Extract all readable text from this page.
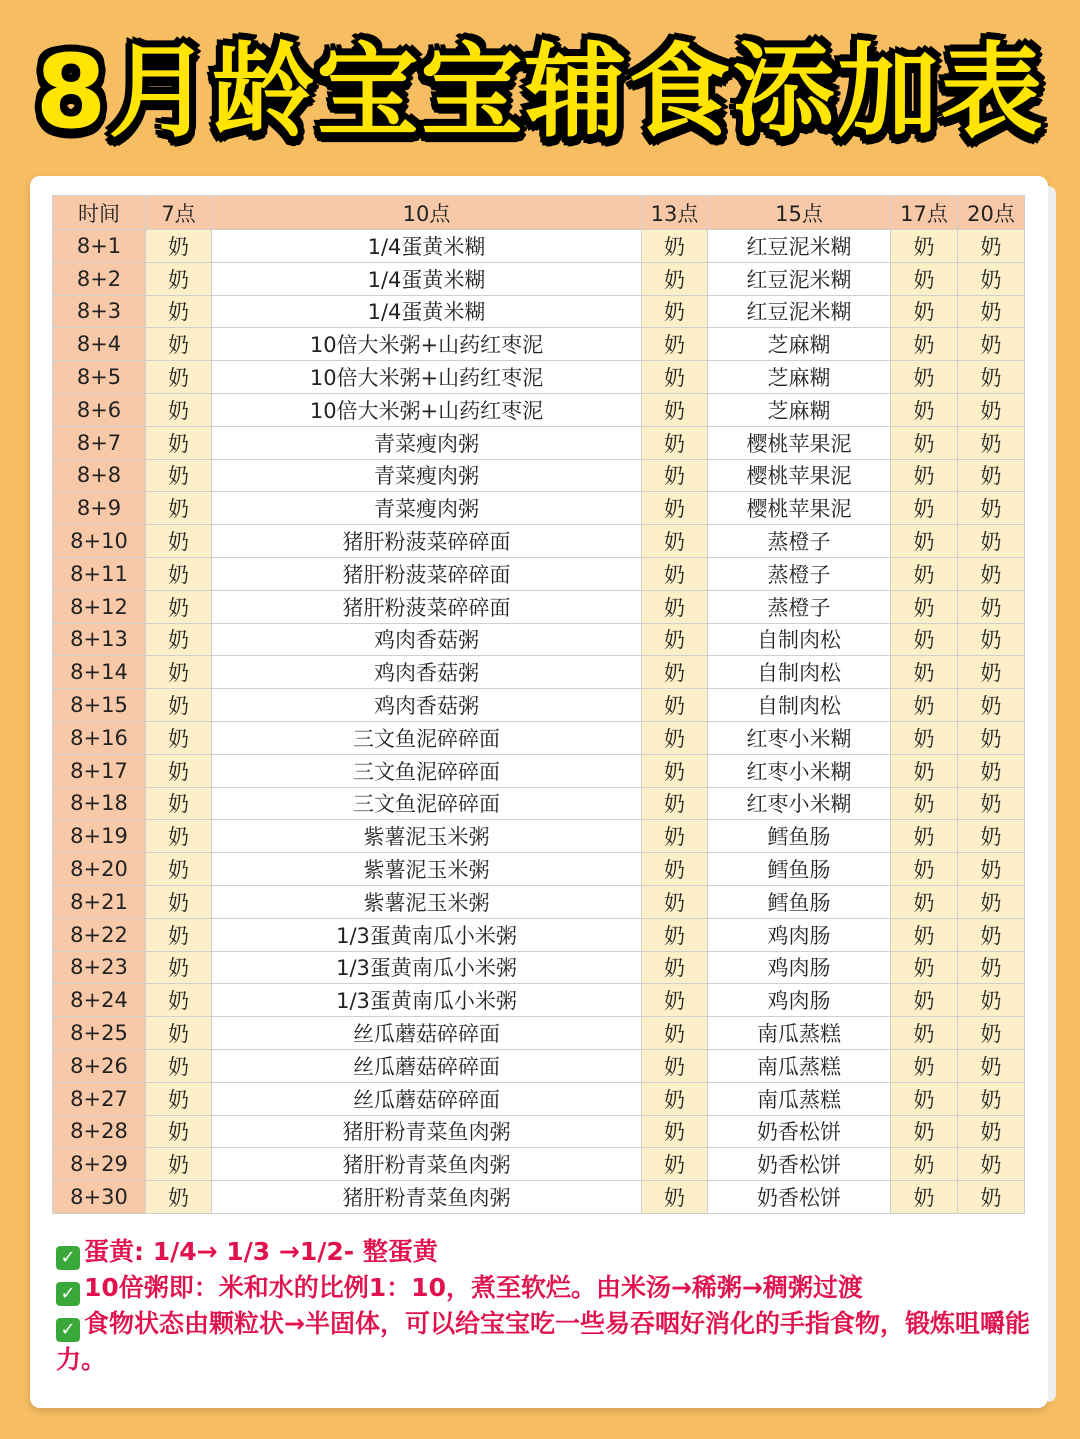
8月龄宝宝辅食添加表
时间	7点	10点	13点	15点	17点	20点
8+1	奶	1/4蛋黄米糊	奶	红豆泥米糊	奶	奶
8+2	奶	1/4蛋黄米糊	奶	红豆泥米糊	奶	奶
8+3	奶	1/4蛋黄米糊	奶	红豆泥米糊	奶	奶
8+4	奶	10倍大米粥+山药红枣泥	奶	芝麻糊	奶	奶
8+5	奶	10倍大米粥+山药红枣泥	奶	芝麻糊	奶	奶
8+6	奶	10倍大米粥+山药红枣泥	奶	芝麻糊	奶	奶
8+7	奶	青菜瘦肉粥	奶	樱桃苹果泥	奶	奶
8+8	奶	青菜瘦肉粥	奶	樱桃苹果泥	奶	奶
8+9	奶	青菜瘦肉粥	奶	樱桃苹果泥	奶	奶
8+10	奶	猪肝粉菠菜碎碎面	奶	蒸橙子	奶	奶
8+11	奶	猪肝粉菠菜碎碎面	奶	蒸橙子	奶	奶
8+12	奶	猪肝粉菠菜碎碎面	奶	蒸橙子	奶	奶
8+13	奶	鸡肉香菇粥	奶	自制肉松	奶	奶
8+14	奶	鸡肉香菇粥	奶	自制肉松	奶	奶
8+15	奶	鸡肉香菇粥	奶	自制肉松	奶	奶
8+16	奶	三文鱼泥碎碎面	奶	红枣小米糊	奶	奶
8+17	奶	三文鱼泥碎碎面	奶	红枣小米糊	奶	奶
8+18	奶	三文鱼泥碎碎面	奶	红枣小米糊	奶	奶
8+19	奶	紫薯泥玉米粥	奶	鳕鱼肠	奶	奶
8+20	奶	紫薯泥玉米粥	奶	鳕鱼肠	奶	奶
8+21	奶	紫薯泥玉米粥	奶	鳕鱼肠	奶	奶
8+22	奶	1/3蛋黄南瓜小米粥	奶	鸡肉肠	奶	奶
8+23	奶	1/3蛋黄南瓜小米粥	奶	鸡肉肠	奶	奶
8+24	奶	1/3蛋黄南瓜小米粥	奶	鸡肉肠	奶	奶
8+25	奶	丝瓜蘑菇碎碎面	奶	南瓜蒸糕	奶	奶
8+26	奶	丝瓜蘑菇碎碎面	奶	南瓜蒸糕	奶	奶
8+27	奶	丝瓜蘑菇碎碎面	奶	南瓜蒸糕	奶	奶
8+28	奶	猪肝粉青菜鱼肉粥	奶	奶香松饼	奶	奶
8+29	奶	猪肝粉青菜鱼肉粥	奶	奶香松饼	奶	奶
8+30	奶	猪肝粉青菜鱼肉粥	奶	奶香松饼	奶	奶
✓ 蛋黄: 1/4→ 1/3 →1/2- 整蛋黄
✓ 10倍粥即：米和水的比例1：10，煮至软烂。由米汤→稀粥→稠粥过渡
✓ 食物状态由颗粒状→半固体，可以给宝宝吃一些易吞咽好消化的手指食物，锻炼咀嚼能力。
